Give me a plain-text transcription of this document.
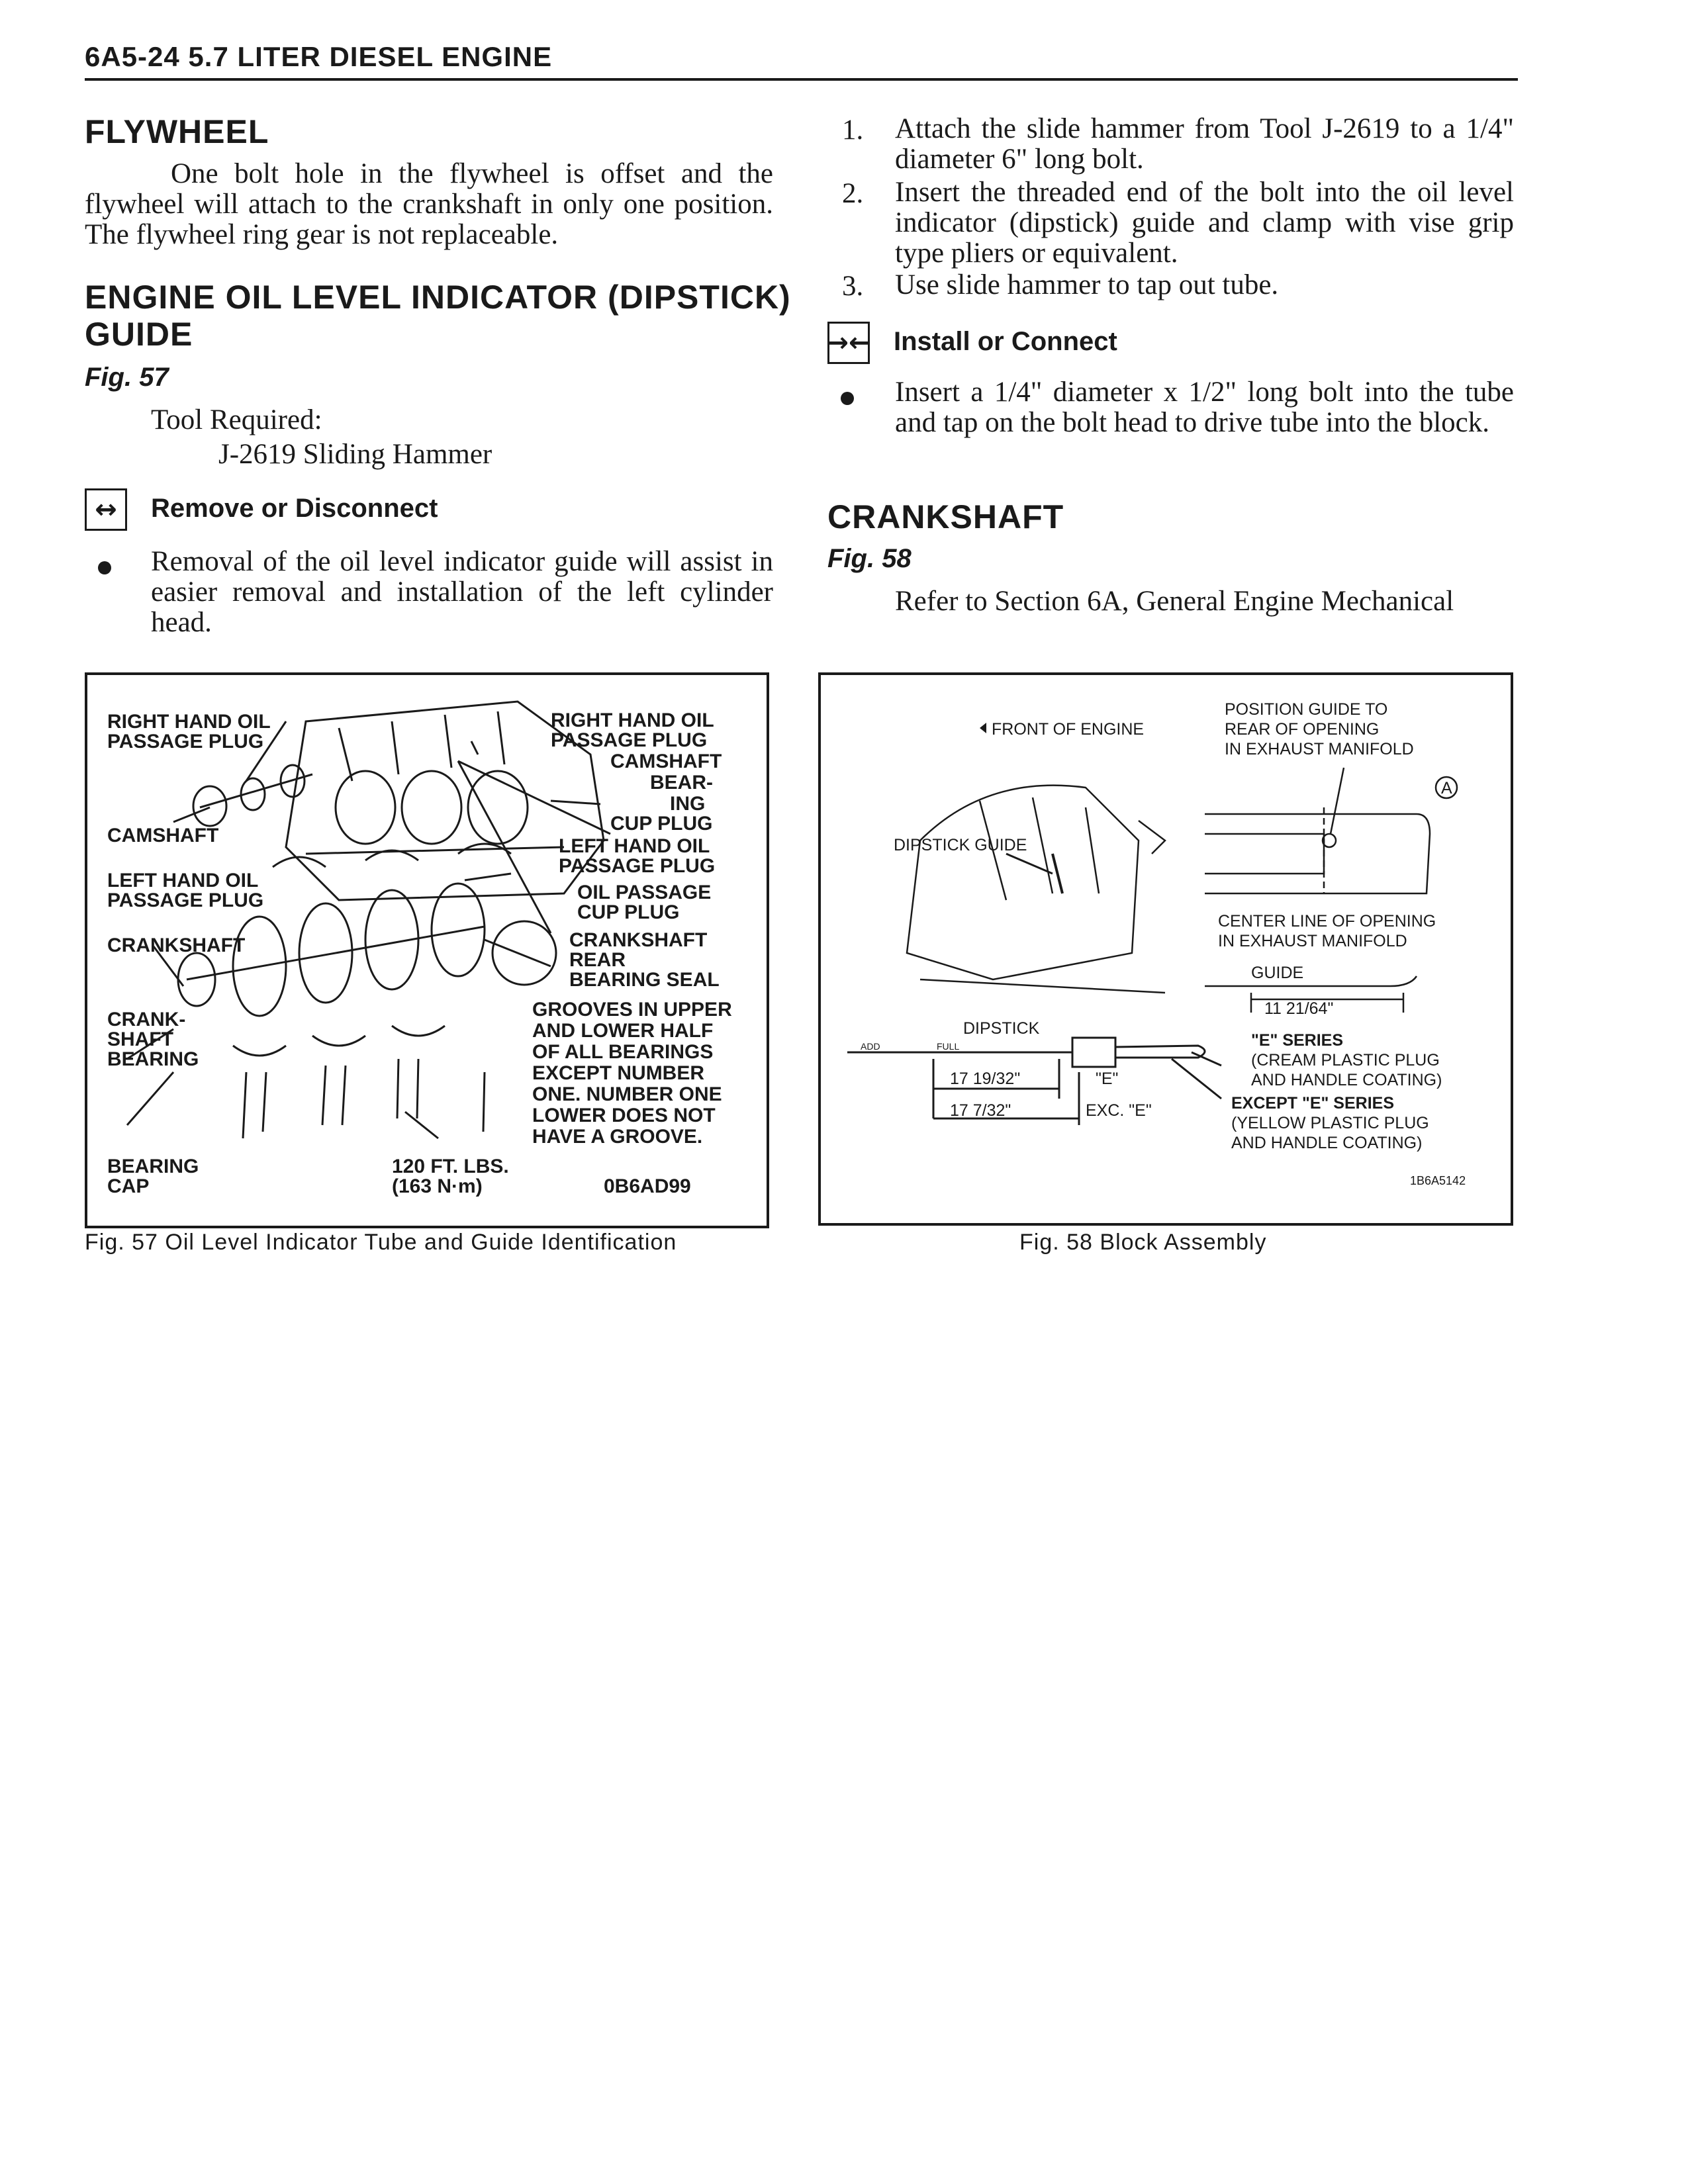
6A5-24 5.7 LITER DIESEL ENGINE
FLYWHEEL
One bolt hole in the flywheel is offset and the flywheel will attach to the crankshaft in only one position. The flywheel ring gear is not replaceable.
ENGINE OIL LEVEL INDICATOR (DIPSTICK)
GUIDE
Fig. 57
Tool Required:
J-2619 Sliding Hammer
↔	Remove or Disconnect
Removal of the oil level indicator guide will assist in easier removal and installation of the left cylinder head.
1. Attach the slide hammer from Tool J-2619 to a 1/4" diameter 6" long bolt.
2. Insert the threaded end of the bolt into the oil level indicator (dipstick) guide and clamp with vise grip type pliers or equivalent.
3. Use slide hammer to tap out tube.
→← Install or Connect
Insert a 1/4" diameter x 1/2" long bolt into the tube and tap on the bolt head to drive tube into the block.
CRANKSHAFT
Fig. 58
Refer to Section 6A, General Engine Mechanical
RIGHT HAND OIL
PASSAGE PLUG
CAMSHAFT
LEFT HAND OIL
PASSAGE PLUG
CRANKSHAFT
CRANK-
SHAFT
BEARING
BEARING
CAP
RIGHT HAND OIL
PASSAGE PLUG
CAMSHAFT
BEAR-
ING
CUP PLUG
LEFT HAND OIL
PASSAGE PLUG
OIL PASSAGE
CUP PLUG
CRANKSHAFT
REAR
BEARING SEAL
GROOVES IN UPPER
AND LOWER HALF
OF ALL BEARINGS
EXCEPT NUMBER
ONE. NUMBER ONE
LOWER DOES NOT
HAVE A GROOVE.
120 FT. LBS.
(163 N·m)	0B6AD99
Fig. 57 Oil Level Indicator Tube and Guide Identification
FRONT OF ENGINE
POSITION GUIDE TO
REAR OF OPENING
IN EXHAUST MANIFOLD
A
DIPSTICK GUIDE
CENTER LINE OF OPENING
IN EXHAUST MANIFOLD
GUIDE
11 21/64"
DIPSTICK
ADD	FULL
17 19/32"	"E"
17 7/32"	EXC. "E"
"E" SERIES
(CREAM PLASTIC PLUG
AND HANDLE COATING)
EXCEPT "E" SERIES
(YELLOW PLASTIC PLUG
AND HANDLE COATING)
1B6A5142
Fig. 58 Block Assembly
